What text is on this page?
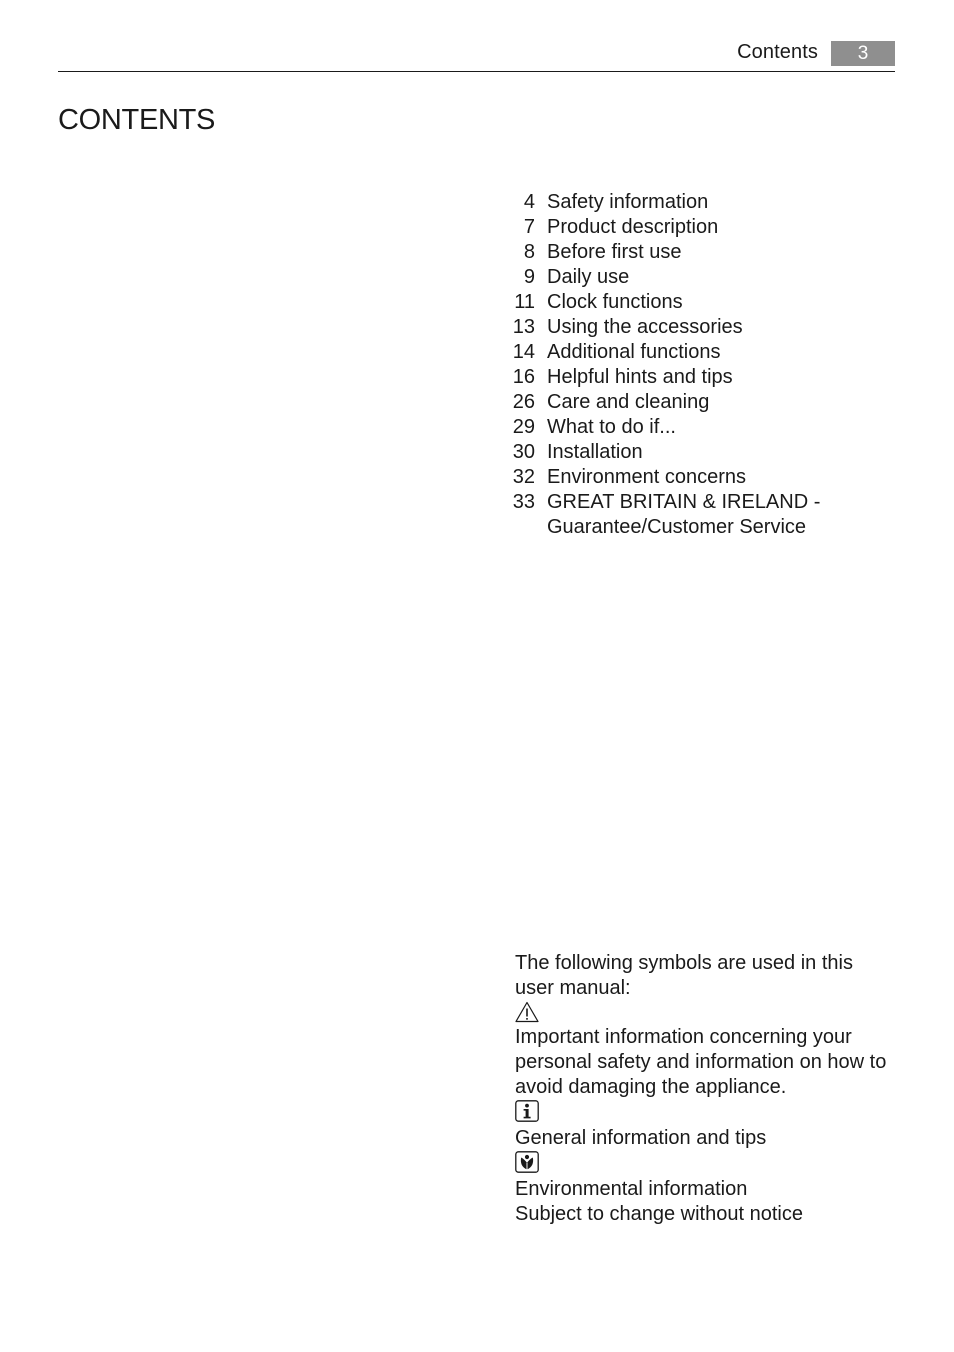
Contents	3
CONTENTS
4 Safety information
7 Product description
8 Before first use
9 Daily use
11 Clock functions
13 Using the accessories
14 Additional functions
16 Helpful hints and tips
26 Care and cleaning
29 What to do if...
30 Installation
32 Environment concerns
33 GREAT BRITAIN & IRELAND - Guarantee/Customer Service

The following symbols are used in this user manual:

Important information concerning your personal safety and information on how to avoid damaging the appliance.

General information and tips

Environmental information

Subject to change without notice
